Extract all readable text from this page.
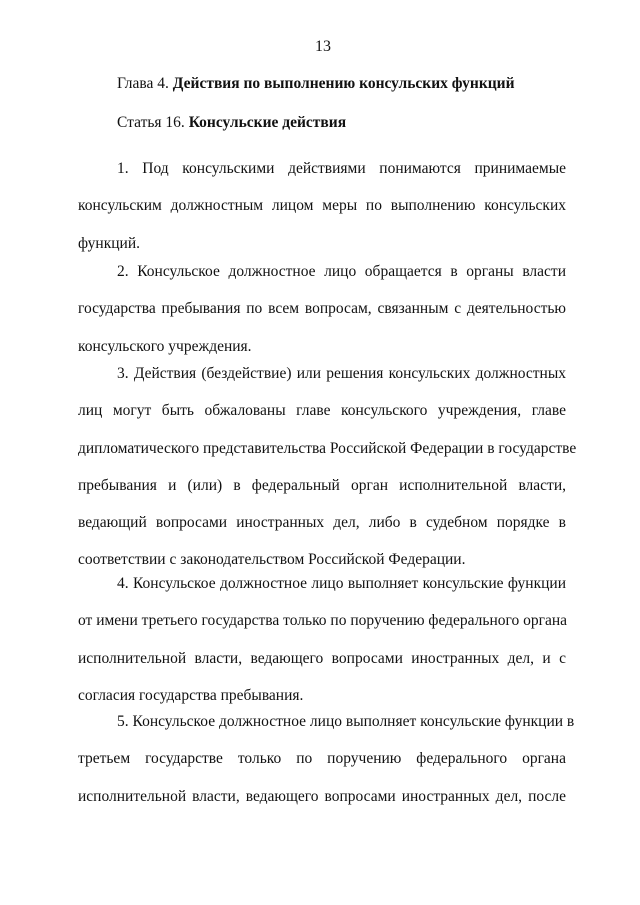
13
Глава 4. Действия по выполнению консульских функций
Статья 16. Консульские действия
1. Под консульскими действиями понимаются принимаемые
консульским должностным лицом меры по выполнению консульских
функций.
2. Консульское должностное лицо обращается в органы власти
государства пребывания по всем вопросам, связанным с деятельностью
консульского учреждения.
3. Действия (бездействие) или решения консульских должностных
лиц могут быть обжалованы главе консульского учреждения, главе
дипломатического представительства Российской Федерации в государстве
пребывания и (или) в федеральный орган исполнительной власти,
ведающий вопросами иностранных дел, либо в судебном порядке в
соответствии с законодательством Российской Федерации.
4. Консульское должностное лицо выполняет консульские функции
от имени третьего государства только по поручению федерального органа
исполнительной власти, ведающего вопросами иностранных дел, и с
согласия государства пребывания.
5. Консульское должностное лицо выполняет консульские функции в
третьем государстве только по поручению федерального органа
исполнительной власти, ведающего вопросами иностранных дел, после
